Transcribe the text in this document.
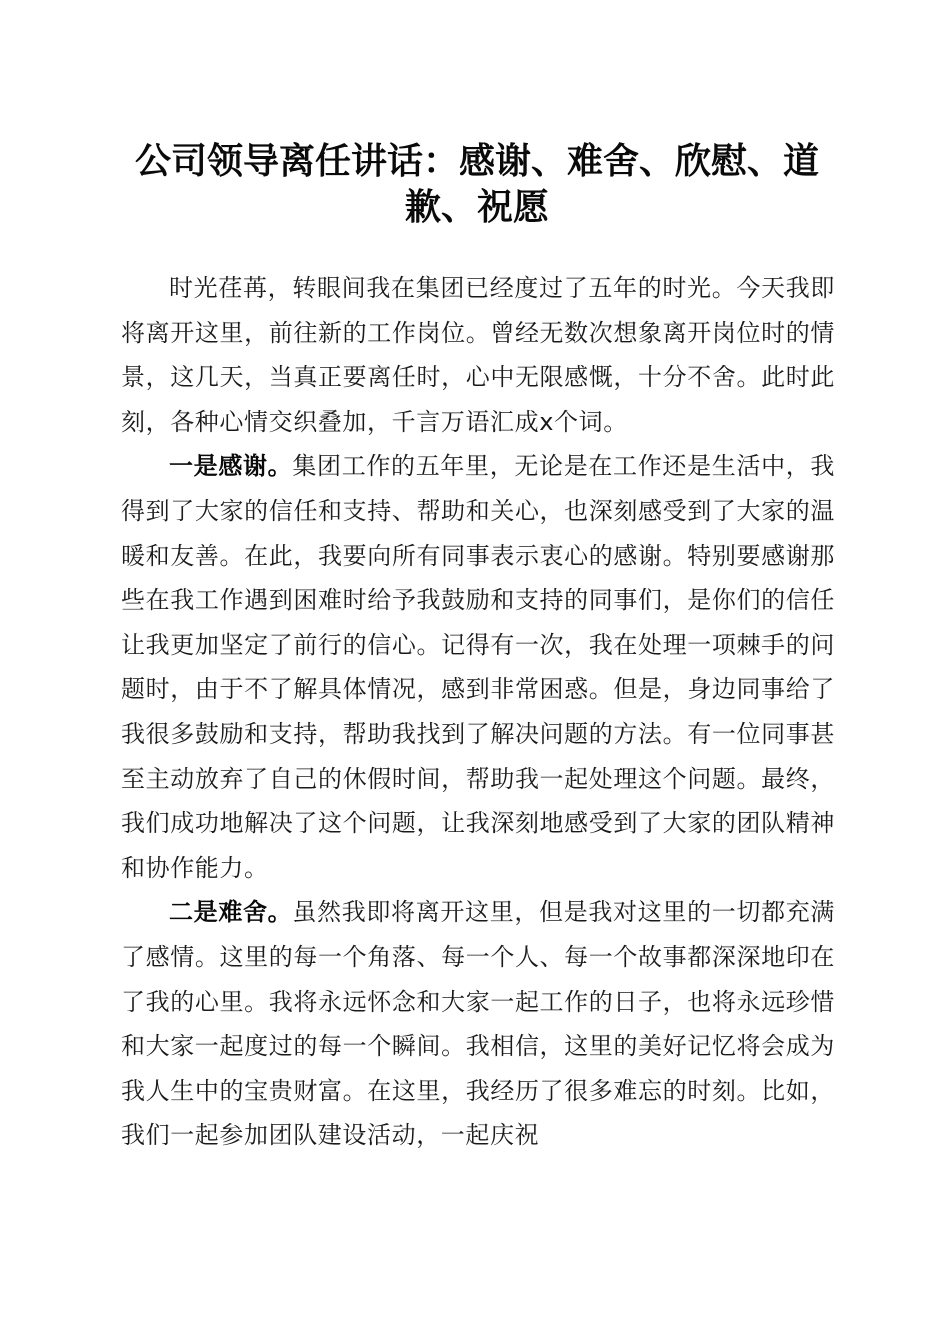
公司领导离任讲话：感谢、难舍、欣慰、道歉、祝愿

时光荏苒，转眼间我在集团已经度过了五年的时光。今天我即将离开这里，前往新的工作岗位。曾经无数次想象离开岗位时的情景，这几天，当真正要离任时，心中无限感慨，十分不舍。此时此刻，各种心情交织叠加，千言万语汇成x个词。

一是感谢。集团工作的五年里，无论是在工作还是生活中，我得到了大家的信任和支持、帮助和关心，也深刻感受到了大家的温暖和友善。在此，我要向所有同事表示衷心的感谢。特别要感谢那些在我工作遇到困难时给予我鼓励和支持的同事们，是你们的信任让我更加坚定了前行的信心。记得有一次，我在处理一项棘手的问题时，由于不了解具体情况，感到非常困惑。但是，身边同事给了我很多鼓励和支持，帮助我找到了解决问题的方法。有一位同事甚至主动放弃了自己的休假时间，帮助我一起处理这个问题。最终，我们成功地解决了这个问题，让我深刻地感受到了大家的团队精神和协作能力。

二是难舍。虽然我即将离开这里，但是我对这里的一切都充满了感情。这里的每一个角落、每一个人、每一个故事都深深地印在了我的心里。我将永远怀念和大家一起工作的日子，也将永远珍惜和大家一起度过的每一个瞬间。我相信，这里的美好记忆将会成为我人生中的宝贵财富。在这里，我经历了很多难忘的时刻。比如，我们一起参加团队建设活动，一起庆祝
